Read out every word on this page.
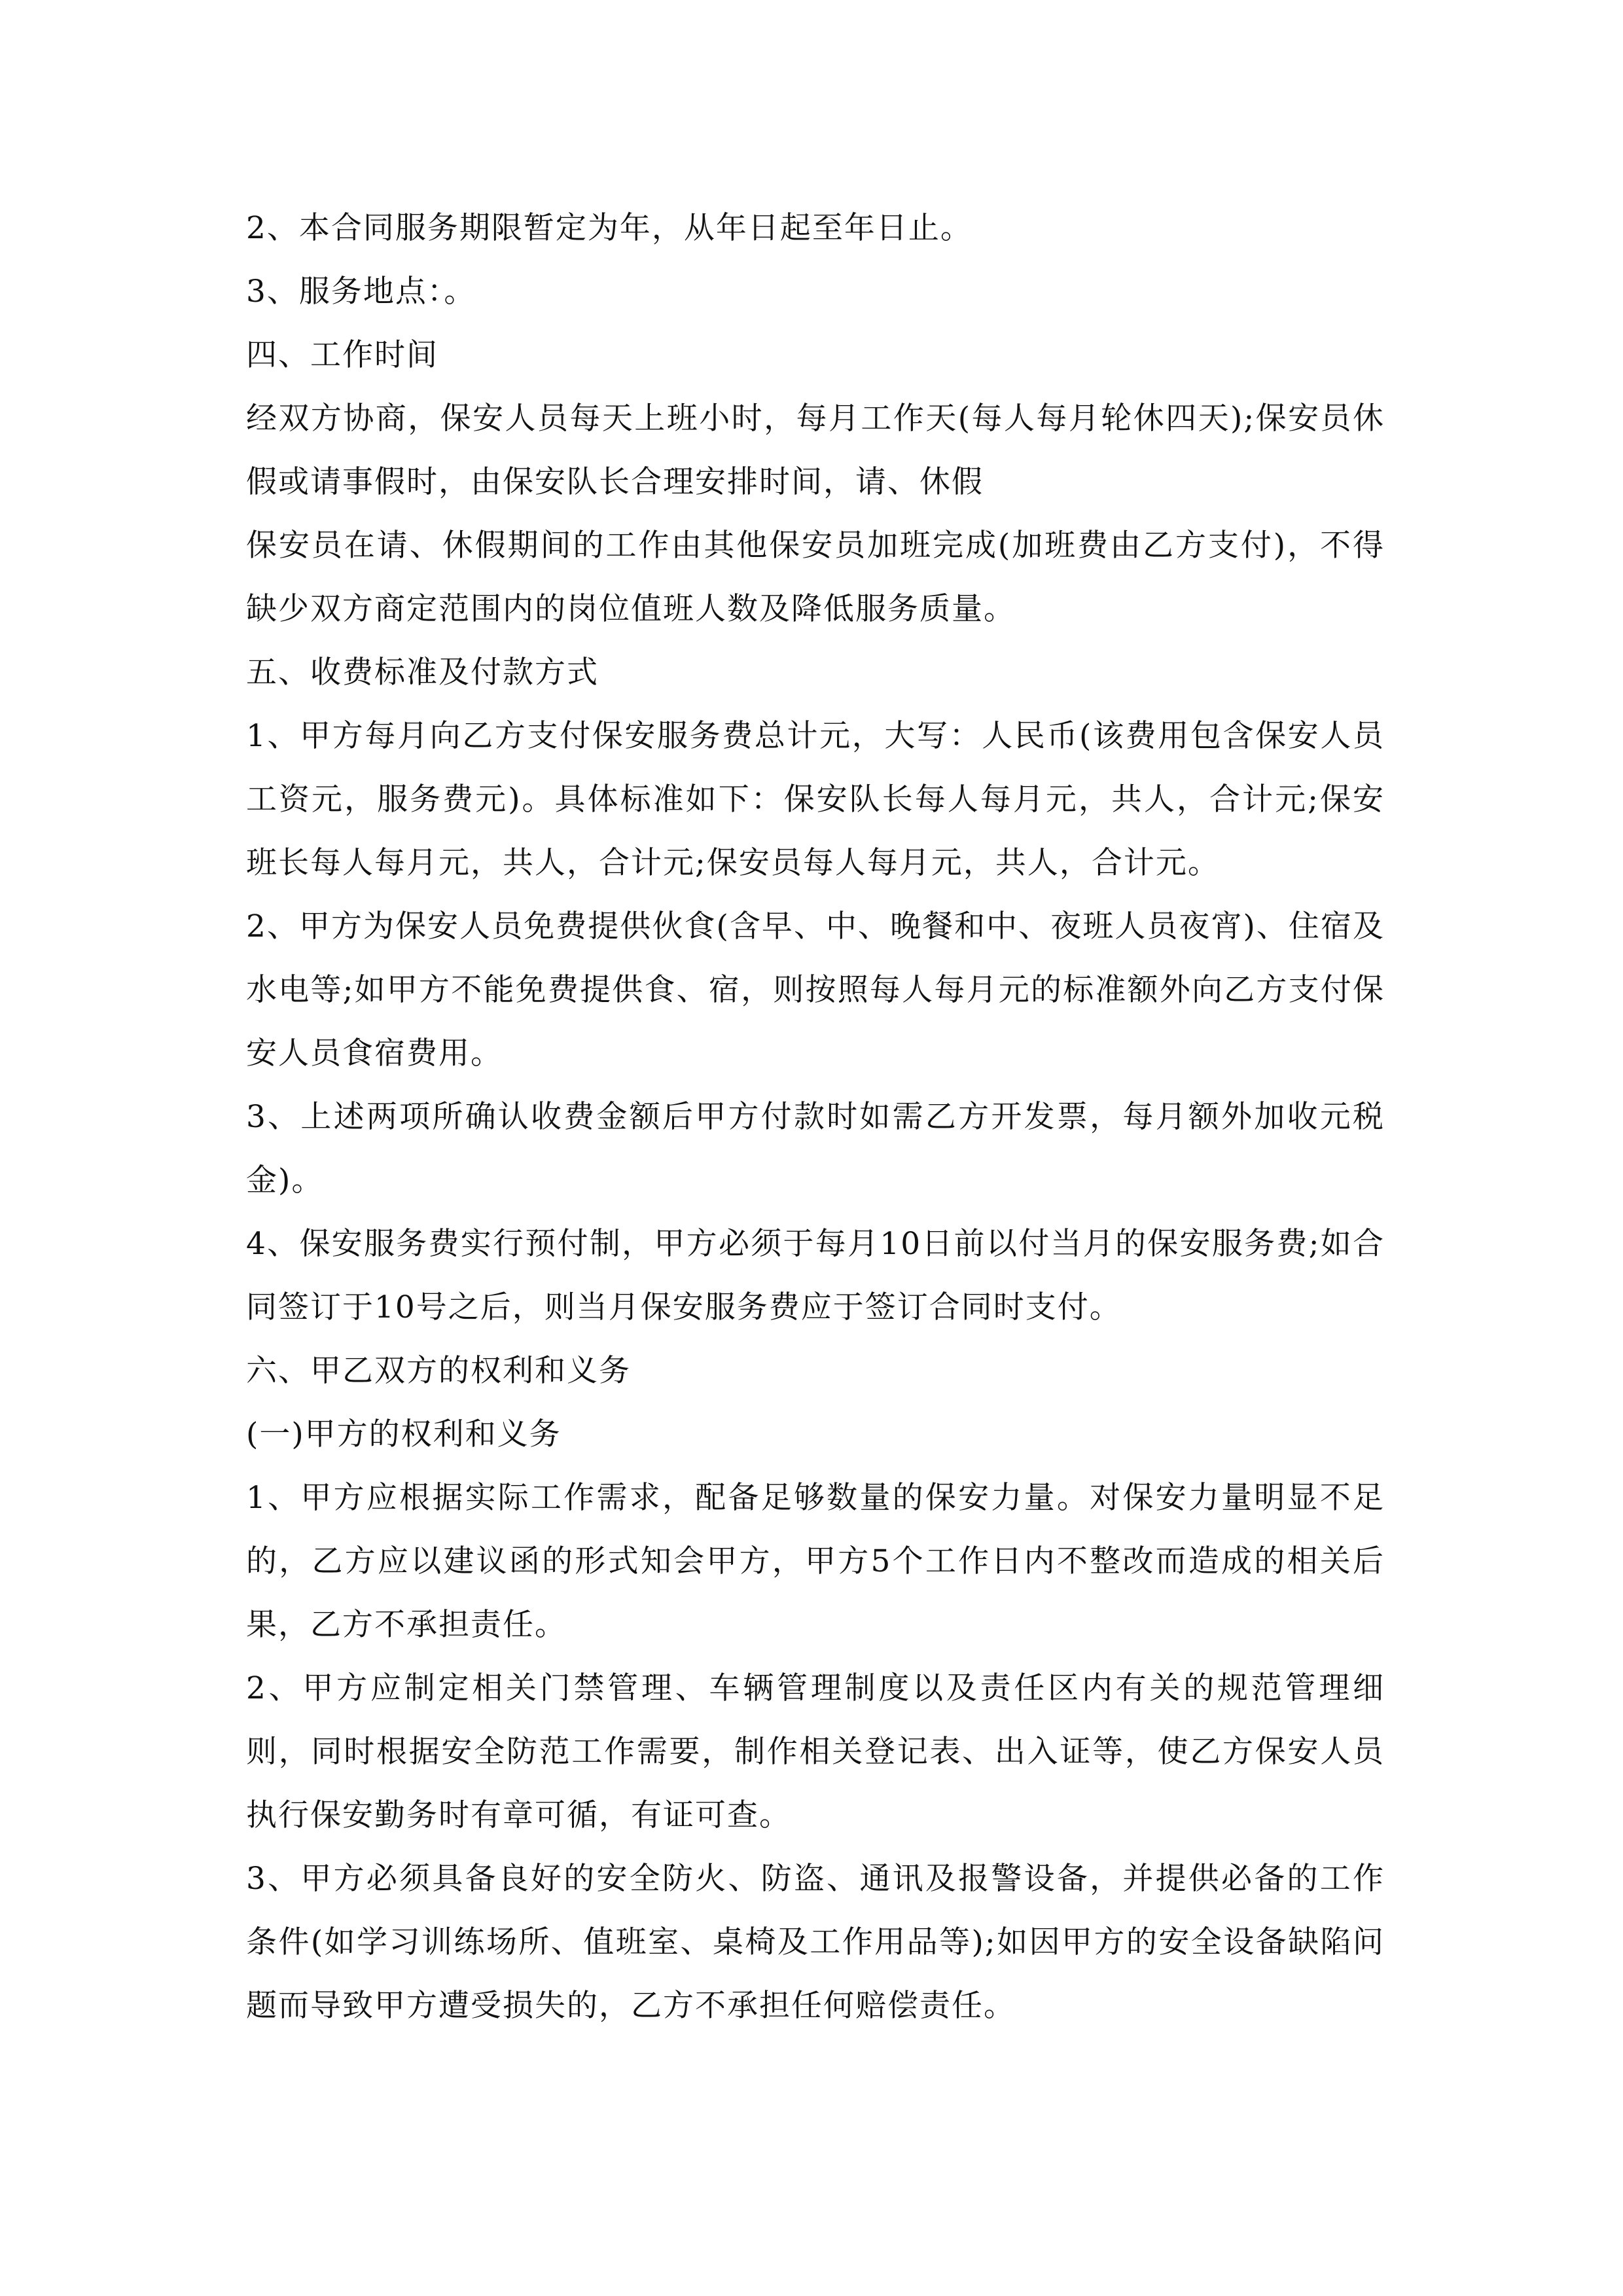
2、本合同服务期限暂定为年，从年日起至年日止。

3、服务地点：。

四、工作时间

经双方协商，保安人员每天上班小时，每月工作天(每人每月轮休四天);保安员休假或请事假时，由保安队长合理安排时间，请、休假

保安员在请、休假期间的工作由其他保安员加班完成(加班费由乙方支付)，不得缺少双方商定范围内的岗位值班人数及降低服务质量。

五、收费标准及付款方式

1、甲方每月向乙方支付保安服务费总计元，大写：人民币(该费用包含保安人员工资元，服务费元)。具体标准如下：保安队长每人每月元，共人，合计元;保安班长每人每月元，共人，合计元;保安员每人每月元，共人，合计元。

2、甲方为保安人员免费提供伙食(含早、中、晚餐和中、夜班人员夜宵)、住宿及水电等;如甲方不能免费提供食、宿，则按照每人每月元的标准额外向乙方支付保安人员食宿费用。

3、上述两项所确认收费金额后甲方付款时如需乙方开发票，每月额外加收元税金)。

4、保安服务费实行预付制，甲方必须于每月10日前以付当月的保安服务费;如合同签订于10号之后，则当月保安服务费应于签订合同时支付。

六、甲乙双方的权利和义务

(一)甲方的权利和义务

1、甲方应根据实际工作需求，配备足够数量的保安力量。对保安力量明显不足的，乙方应以建议函的形式知会甲方，甲方5个工作日内不整改而造成的相关后果，乙方不承担责任。

2、甲方应制定相关门禁管理、车辆管理制度以及责任区内有关的规范管理细则，同时根据安全防范工作需要，制作相关登记表、出入证等，使乙方保安人员执行保安勤务时有章可循，有证可查。

3、甲方必须具备良好的安全防火、防盗、通讯及报警设备，并提供必备的工作条件(如学习训练场所、值班室、桌椅及工作用品等);如因甲方的安全设备缺陷问题而导致甲方遭受损失的，乙方不承担任何赔偿责任。
